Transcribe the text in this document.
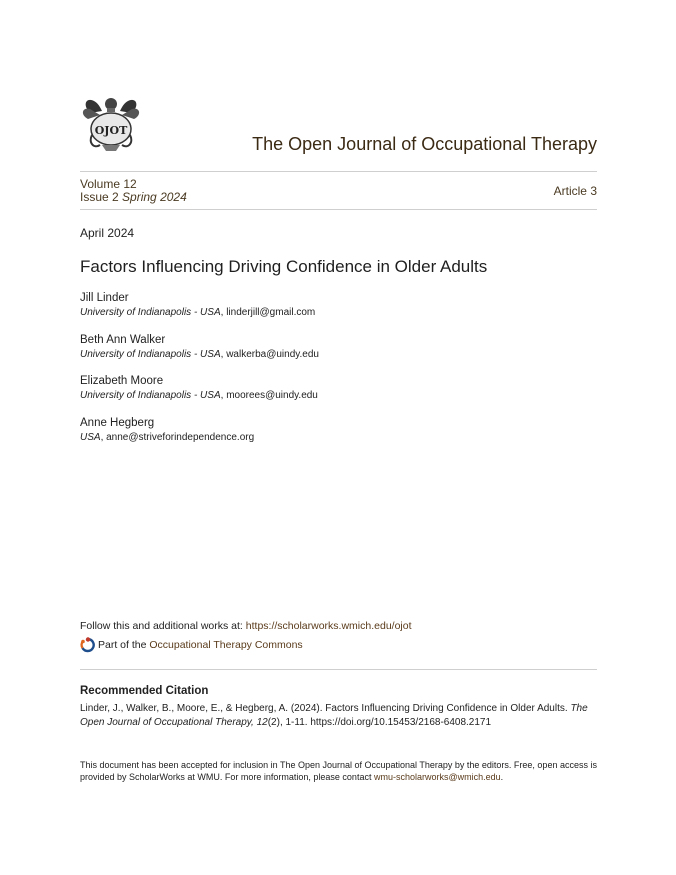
OJOT
The Open Journal of Occupational Therapy
Volume 12
Issue 2 Spring 2024	Article 3
April 2024
Factors Influencing Driving Confidence in Older Adults
Jill Linder
University of Indianapolis - USA, linderjill@gmail.com
Beth Ann Walker
University of Indianapolis - USA, walkerba@uindy.edu
Elizabeth Moore
University of Indianapolis - USA, moorees@uindy.edu
Anne Hegberg
USA, anne@striveforindependence.org
Follow this and additional works at: https://scholarworks.wmich.edu/ojot
Part of the
Occupational Therapy Commons
Recommended Citation
Linder, J., Walker, B., Moore, E., & Hegberg, A. (2024). Factors Influencing Driving Confidence in Older Adults. The Open Journal of Occupational Therapy, 12(2), 1-11. https://doi.org/10.15453/2168-6408.2171
This document has been accepted for inclusion in The Open Journal of Occupational Therapy by the editors. Free, open access is provided by ScholarWorks at WMU. For more information, please contact wmu-scholarworks@wmich.edu.
